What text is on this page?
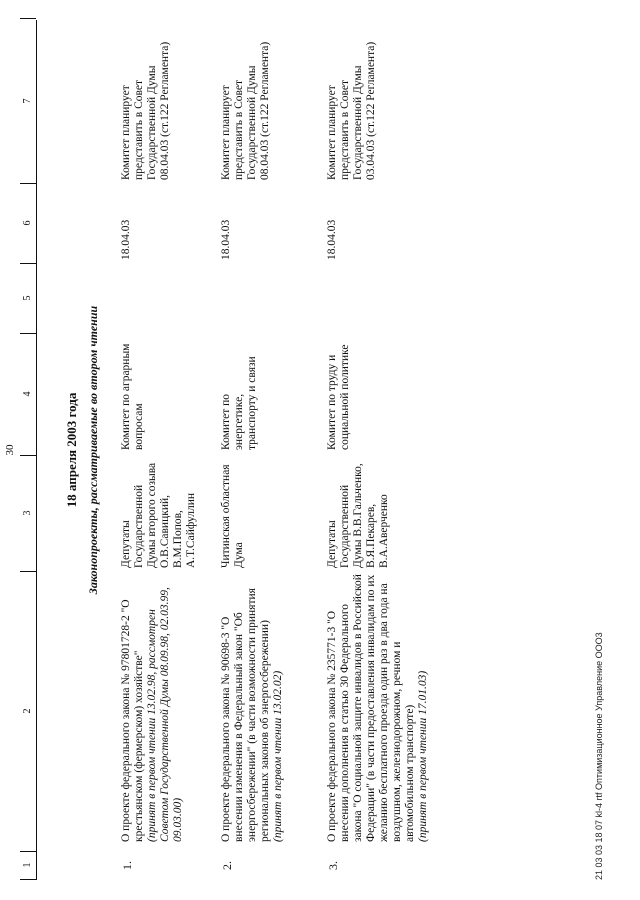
1
2
3
4
5
6
7
30	18 апреля 2003 года Законопроекты, рассматриваемые во втором чтении
1.
О проекте федерального закона № 97801728-2 "О крестьянском (фермерском) хозяйстве" (принят в первом чтении 13.02.98, рассмотрен Советом Государственной Думы 08.09.98, 02.03.99, 09.03.00)
Депутаты Государственной Думы второго созыва О.В.Савицкий, В.М.Попов, А.Т.Сайфуллин
Комитет по аграрным вопросам
18.04.03
Комитет планирует представить в Совет Государственной Думы 08.04.03 (ст.122 Регламента)
2.
О проекте федерального закона № 90698-3 "О внесении изменения в Федеральный закон "Об энергосбережении" (в части возможности принятия региональных законов об энергосбережении) (принят в первом чтении 13.02.02)
Читинская областная Дума
Комитет по энергетике, транспорту и связи
18.04.03
Комитет планирует представить в Совет Государственной Думы 08.04.03 (ст.122 Регламента)
3.
О проекте федерального закона № 235771-3 "О внесении дополнения в статью 30 Федерального закона "О социальной защите инвалидов в Российской Федерации" (в части предоставления инвалидам по их желанию бесплатного проезда один раз в два года на воздушном, железнодорожном, речном и автомобильном транспорте) (принят в первом чтении 17.01.03)
Депутаты Государственной Думы В.В.Гальченко, В.Я.Пекарев, В.А.Аверченко
Комитет по труду и социальной политике
18.04.03
Комитет планирует представить в Совет Государственной Думы 03.04.03 (ст.122 Регламента)
21 03 03 18 07 kl-4 rtf Оптимизационное Управление ООО3
